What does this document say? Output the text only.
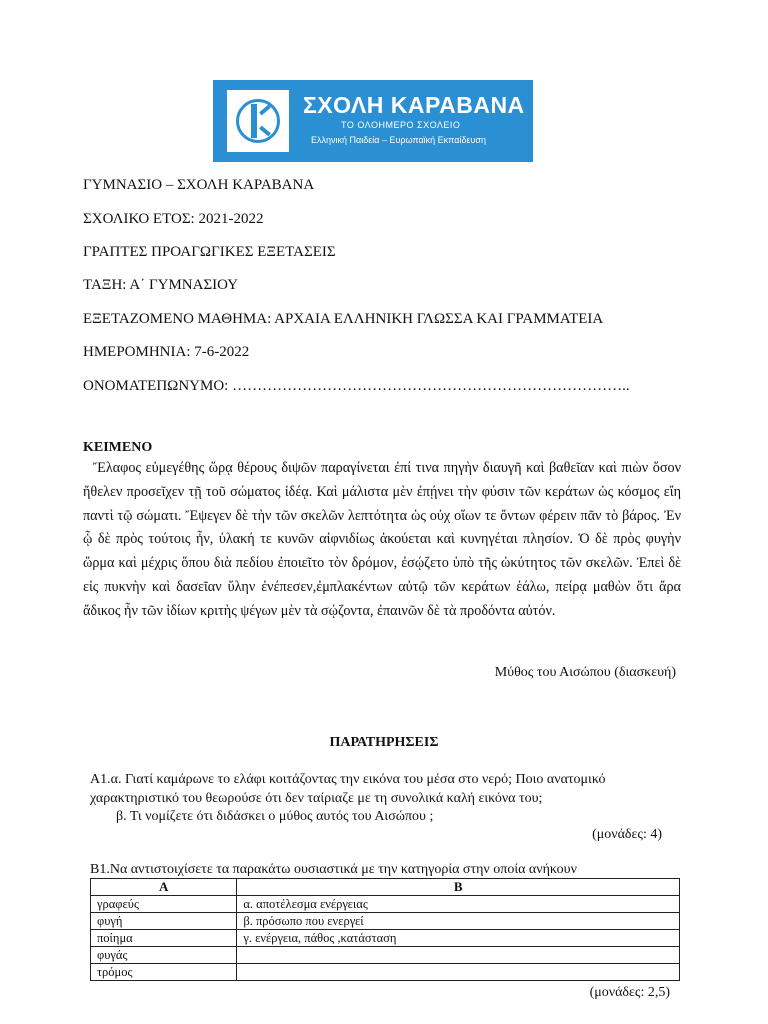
ΣΧΟΛΗ ΚΑΡΑΒΑΝΑ
ΤΟ ΟΛΟΗΜΕΡΟ ΣΧΟΛΕΙΟ
Ελληνική Παιδεία – Ευρωπαϊκή Εκπαίδευση
ΓΥΜΝΑΣΙΟ – ΣΧΟΛΗ ΚΑΡΑΒΑΝΑ
ΣΧΟΛΙΚΟ ΕΤΟΣ: 2021-2022
ΓΡΑΠΤΕΣ ΠΡΟΑΓΩΓΙΚΕΣ ΕΞΕΤΑΣΕΙΣ
ΤΑΞΗ: Α΄ ΓΥΜΝΑΣΙΟΥ
ΕΞΕΤΑΖΟΜΕΝΟ ΜΑΘΗΜΑ: ΑΡΧΑΙΑ ΕΛΛΗΝΙΚΗ ΓΛΩΣΣΑ ΚΑΙ ΓΡΑΜΜΑΤΕΙΑ
ΗΜΕΡΟΜΗΝΙΑ: 7-6-2022
ΟΝΟΜΑΤΕΠΩΝΥΜΟ: ……………………………………………………………………..
ΚΕΙΜΕΝΟ

Ἔλαφος εὐμεγέθης ὥρᾳ θέρους διψῶν παραγίνεται ἐπί τινα πηγὴν διαυγῆ καὶ βαθεῖαν καὶ πιὼν ὅσον ἤθελεν προσεῖχεν τῇ τοῦ σώματος ἰδέᾳ. Καὶ μάλιστα μὲν ἐπῄνει τὴν φύσιν τῶν κεράτων ὡς κόσμος εἴη παντὶ τῷ σώματι. Ἔψεγεν δὲ τὴν τῶν σκελῶν λεπτότητα ὡς οὐχ οἵων τε ὄντων φέρειν πᾶν τὸ βάρος. Ἐν ᾧ δὲ πρὸς τούτοις ἦν, ὑλακή τε κυνῶν αἰφνιδίως ἀκούεται καὶ κυνηγέται πλησίον. Ὁ δὲ πρὸς φυγὴν ὥρμα καὶ μέχρις ὅπου διὰ πεδίου ἐποιεῖτο τὸν δρόμον, ἐσῴζετο ὑπὸ τῆς ὠκύτητος τῶν σκελῶν. Ἐπεὶ δὲ εἰς πυκνὴν καὶ δασεῖαν ὕλην ἐνέπεσεν,ἐμπλακέντων αὐτῷ τῶν κεράτων ἑάλω, πείρᾳ μαθὼν ὅτι ἄρα ἄδικος ἦν τῶν ἰδίων κριτὴς ψέγων μὲν τὰ σῴζοντα, ἐπαινῶν δὲ τὰ προδόντα αὐτόν.

Μύθος του Αισώπου (διασκευή)
ΠΑΡΑΤΗΡΗΣΕΙΣ
Α1.α. Γιατί καμάρωνε το ελάφι κοιτάζοντας την εικόνα του μέσα στο νερό; Ποιο ανατομικό
χαρακτηριστικό του θεωρούσε ότι δεν ταίριαζε με τη συνολικά καλή εικόνα του;
β. Τι νομίζετε ότι διδάσκει ο μύθος αυτός του Αισώπου ;
(μονάδες: 4)
Β1.Να αντιστοιχίσετε τα παρακάτω ουσιαστικά με την κατηγορία στην οποία ανήκουν
Α	Β
γραφεύς	α. αποτέλεσμα ενέργειας
φυγή	β. πρόσωπο που ενεργεί
ποίημα	γ. ενέργεια, πάθος ,κατάσταση
φυγάς	
τρόμος	
(μονάδες: 2,5)
